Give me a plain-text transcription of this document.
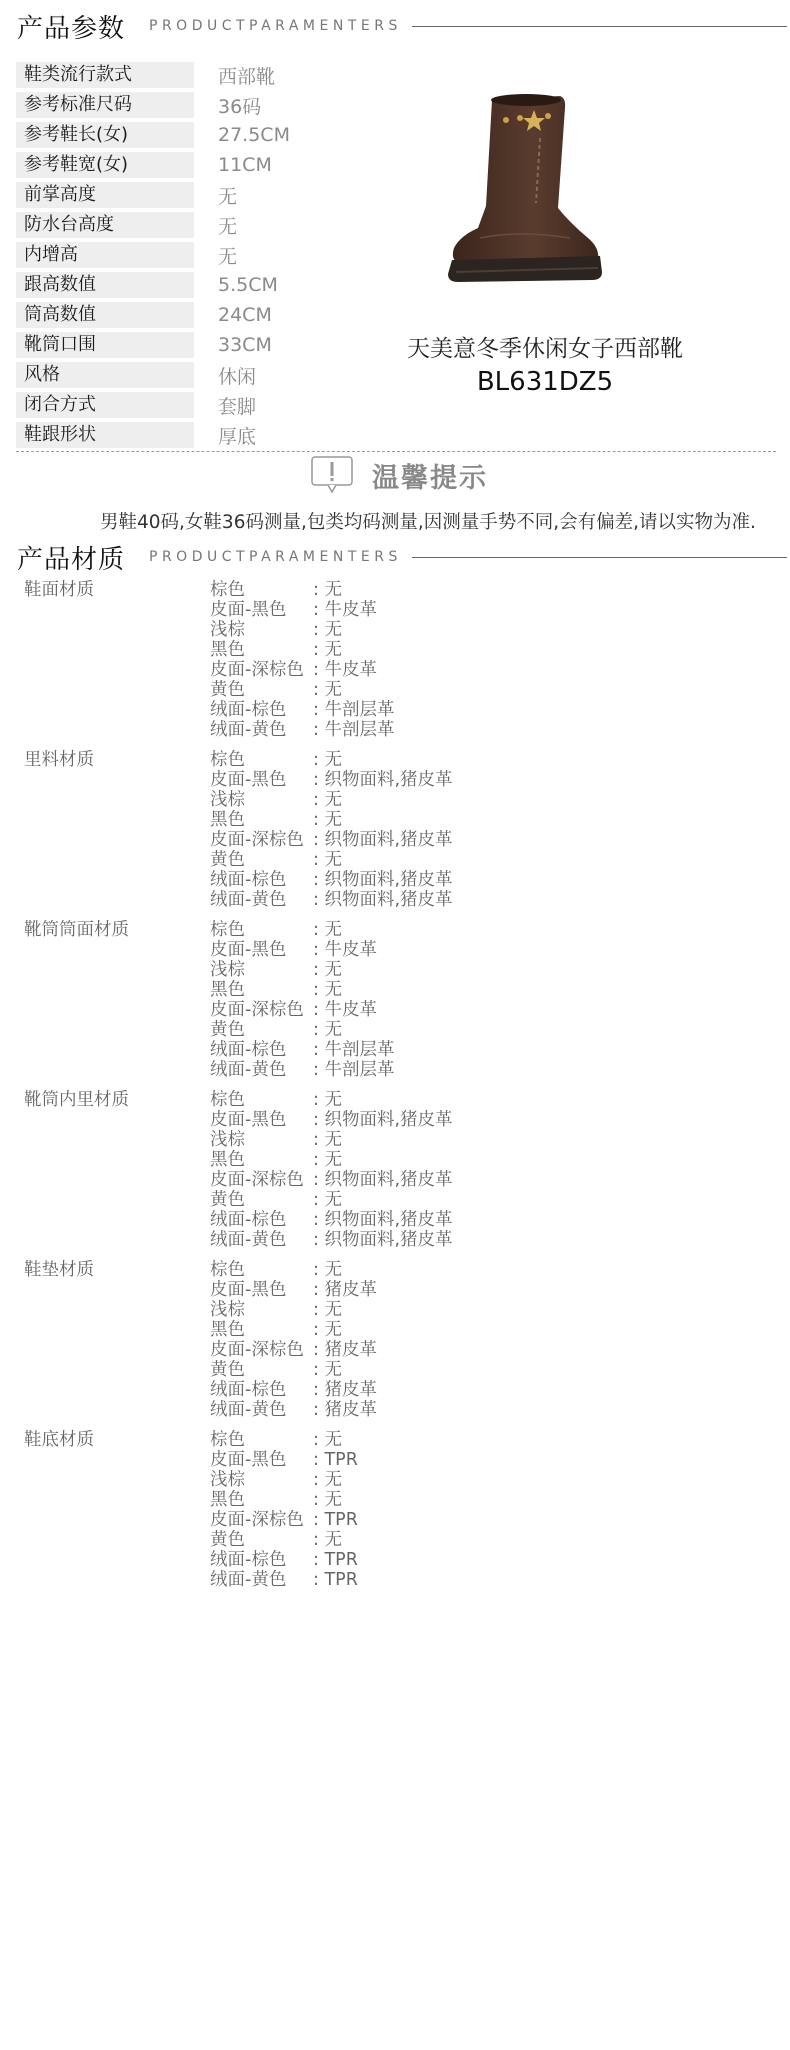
产品参数 PRODUCTPARAMENTERS
鞋类流行款式	西部靴
参考标准尺码	36码
参考鞋长(女)	27.5CM
参考鞋宽(女)	11CM
前掌高度	无
防水台高度	无
内增高	无
跟高数值	5.5CM
筒高数值	24CM
靴筒口围	33CM
风格	休闲
闭合方式	套脚
鞋跟形状	厚底
天美意冬季休闲女子西部靴
BL631DZ5
温馨提示
男鞋40码,女鞋36码测量,包类均码测量,因测量手势不同,会有偏差,请以实物为准.
产品材质 PRODUCTPARAMENTERS
鞋面材质	棕色	: 无
皮面-黑色	: 牛皮革
浅棕	: 无
黑色	: 无
皮面-深棕色 : 牛皮革
黄色	: 无
绒面-棕色	: 牛剖层革
绒面-黄色	: 牛剖层革
里料材质	棕色	: 无
皮面-黑色	: 织物面料,猪皮革
浅棕	: 无
黑色	: 无
皮面-深棕色 : 织物面料,猪皮革
黄色	: 无
绒面-棕色	: 织物面料,猪皮革
绒面-黄色	: 织物面料,猪皮革
靴筒筒面材质	棕色	: 无
皮面-黑色	: 牛皮革
浅棕	: 无
黑色	: 无
皮面-深棕色 : 牛皮革
黄色	: 无
绒面-棕色	: 牛剖层革
绒面-黄色	: 牛剖层革
靴筒内里材质	棕色	: 无
皮面-黑色	: 织物面料,猪皮革
浅棕	: 无
黑色	: 无
皮面-深棕色 : 织物面料,猪皮革
黄色	: 无
绒面-棕色	: 织物面料,猪皮革
绒面-黄色	: 织物面料,猪皮革
鞋垫材质	棕色	: 无
皮面-黑色	: 猪皮革
浅棕	: 无
黑色	: 无
皮面-深棕色 : 猪皮革
黄色	: 无
绒面-棕色	: 猪皮革
绒面-黄色	: 猪皮革
鞋底材质	棕色	: 无
皮面-黑色	: TPR
浅棕	: 无
黑色	: 无
皮面-深棕色 : TPR
黄色	: 无
绒面-棕色	: TPR
绒面-黄色	: TPR
